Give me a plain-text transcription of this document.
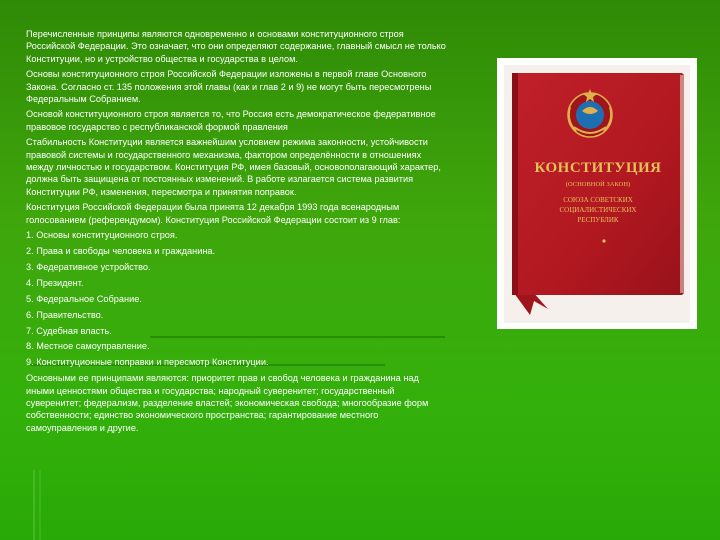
Перечисленные принципы являются одновременно и основами конституционного строя Российской Федерации. Это означает, что они определяют содержание, главный смысл не только Конституции, но и устройство общества и государства в целом.

Основы конституционного строя Российской Федерации изложены в первой главе Основного Закона. Согласно ст. 135 положения этой главы (как и глав 2 и 9) не могут быть пересмотрены Федеральным Собранием.

Основой конституционного строя является то, что Россия есть демократическое федеративное правовое государство с республиканской формой правления

Стабильность Конституции является важнейшим условием режима законности, устойчивости правовой системы и государственного механизма, фактором определённости в отношениях между личностью и государством. Конституция РФ, имея базовый, основополагающий характер, должна быть защищена от постоянных изменений. В работе излагается система развития Конституции РФ, изменения, пересмотра и принятия поправок.

Конституция Российской Федерации была принята 12 декабря 1993 года всенародным голосованием (референдумом). Конституция Российской Федерации состоит из 9 глав:

1. Основы конституционного строя.

2. Права и свободы человека и гражданина.

3. Федеративное устройство.

4. Президент.

5. Федеральное Собрание.

6. Правительство.

7. Судебная власть.

8. Местное самоуправление.

9. Конституционные поправки и пересмотр Конституции.

Основными ее принципами являются: приоритет прав и свобод человека и гражданина над иными ценностями общества и государства; народный суверенитет; государственный суверенитет; федерализм, разделение властей; экономическая свобода; многообразие форм собственности; единство экономического пространства; гарантирование местного самоуправления и другие.

КОНСТИТУЦИЯ
(ОСНОВНОЙ ЗАКОН)
СОЮЗА СОВЕТСКИХ
СОЦИАЛИСТИЧЕСКИХ
РЕСПУБЛИК
